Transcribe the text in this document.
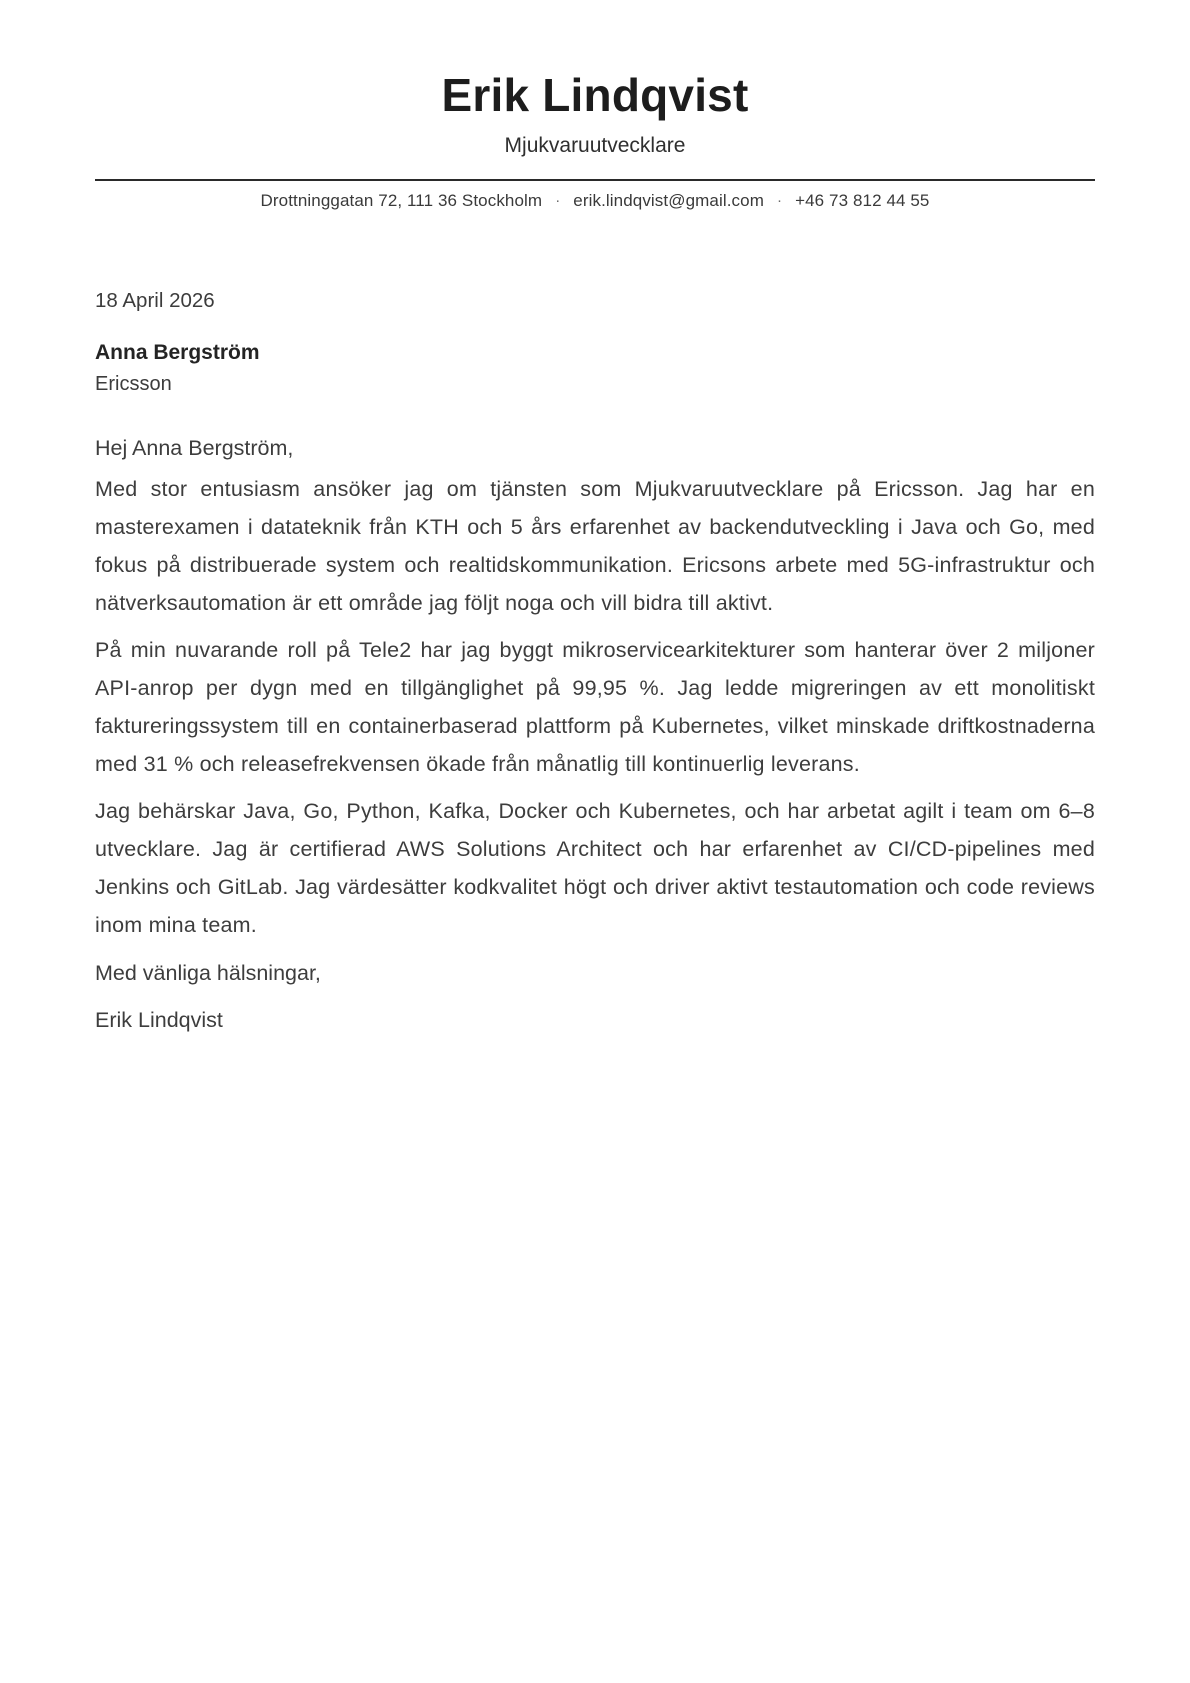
Erik Lindqvist
Mjukvaruutvecklare
Drottninggatan 72, 111 36 Stockholm · erik.lindqvist@gmail.com · +46 73 812 44 55

18 April 2026

Anna Bergström

Ericsson

Hej Anna Bergström,

Med stor entusiasm ansöker jag om tjänsten som Mjukvaruutvecklare på Ericsson. Jag har en masterexamen i datateknik från KTH och 5 års erfarenhet av backendutveckling i Java och Go, med fokus på distribuerade system och realtidskommunikation. Ericsons arbete med 5G-infrastruktur och nätverksautomation är ett område jag följt noga och vill bidra till aktivt.

På min nuvarande roll på Tele2 har jag byggt mikroservicearkitekturer som hanterar över 2 miljoner API-anrop per dygn med en tillgänglighet på 99,95 %. Jag ledde migreringen av ett monolitiskt faktureringssystem till en containerbaserad plattform på Kubernetes, vilket minskade driftkostnaderna med 31 % och releasefrekvensen ökade från månatlig till kontinuerlig leverans.

Jag behärskar Java, Go, Python, Kafka, Docker och Kubernetes, och har arbetat agilt i team om 6–8 utvecklare. Jag är certifierad AWS Solutions Architect och har erfarenhet av CI/CD-pipelines med Jenkins och GitLab. Jag värdesätter kodkvalitet högt och driver aktivt testautomation och code reviews inom mina team.

Med vänliga hälsningar,

Erik Lindqvist
